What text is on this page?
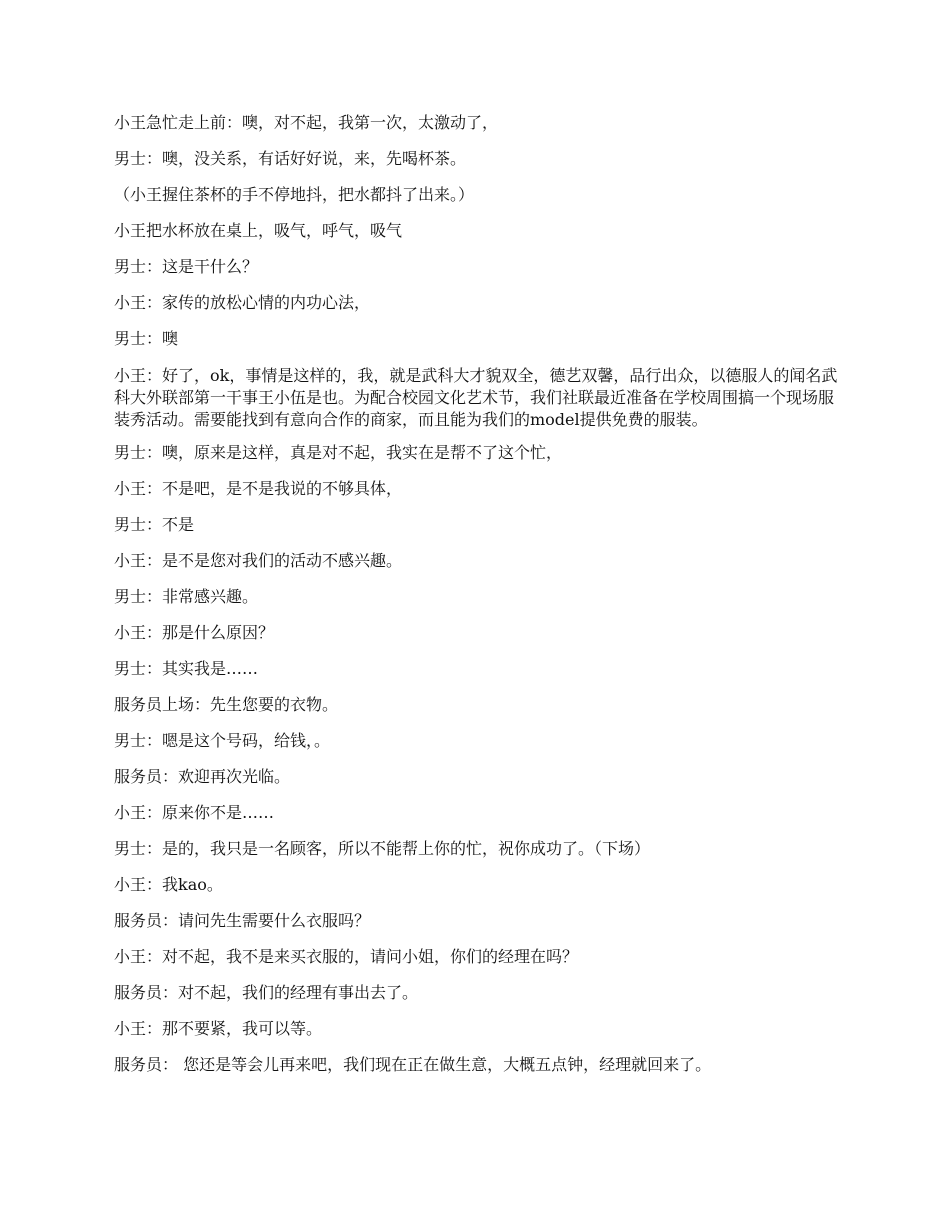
小王急忙走上前：噢，对不起，我第一次，太激动了，

男士：噢，没关系，有话好好说，来，先喝杯茶。

（小王握住茶杯的手不停地抖，把水都抖了出来。）

小王把水杯放在桌上，吸气，呼气，吸气

男士：这是干什么？

小王：家传的放松心情的内功心法，

男士：噢

小王：好了，ok，事情是这样的，我，就是武科大才貌双全，德艺双馨，品行出众，以德服人的闻名武科大外联部第一干事王小伍是也。为配合校园文化艺术节，我们社联最近准备在学校周围搞一个现场服装秀活动。需要能找到有意向合作的商家，而且能为我们的model提供免费的服装。

男士：噢，原来是这样，真是对不起，我实在是帮不了这个忙，

小王：不是吧，是不是我说的不够具体，

男士：不是

小王：是不是您对我们的活动不感兴趣。

男士：非常感兴趣。

小王：那是什么原因？

男士：其实我是……

服务员上场：先生您要的衣物。

男士：嗯是这个号码，给钱，。

服务员：欢迎再次光临。

小王：原来你不是……

男士：是的，我只是一名顾客，所以不能帮上你的忙，祝你成功了。（下场）

小王：我kao。

服务员：请问先生需要什么衣服吗？

小王：对不起，我不是来买衣服的，请问小姐，你们的经理在吗？

服务员：对不起，我们的经理有事出去了。

小王：那不要紧，我可以等。

服务员： 您还是等会儿再来吧，我们现在正在做生意，大概五点钟，经理就回来了。
